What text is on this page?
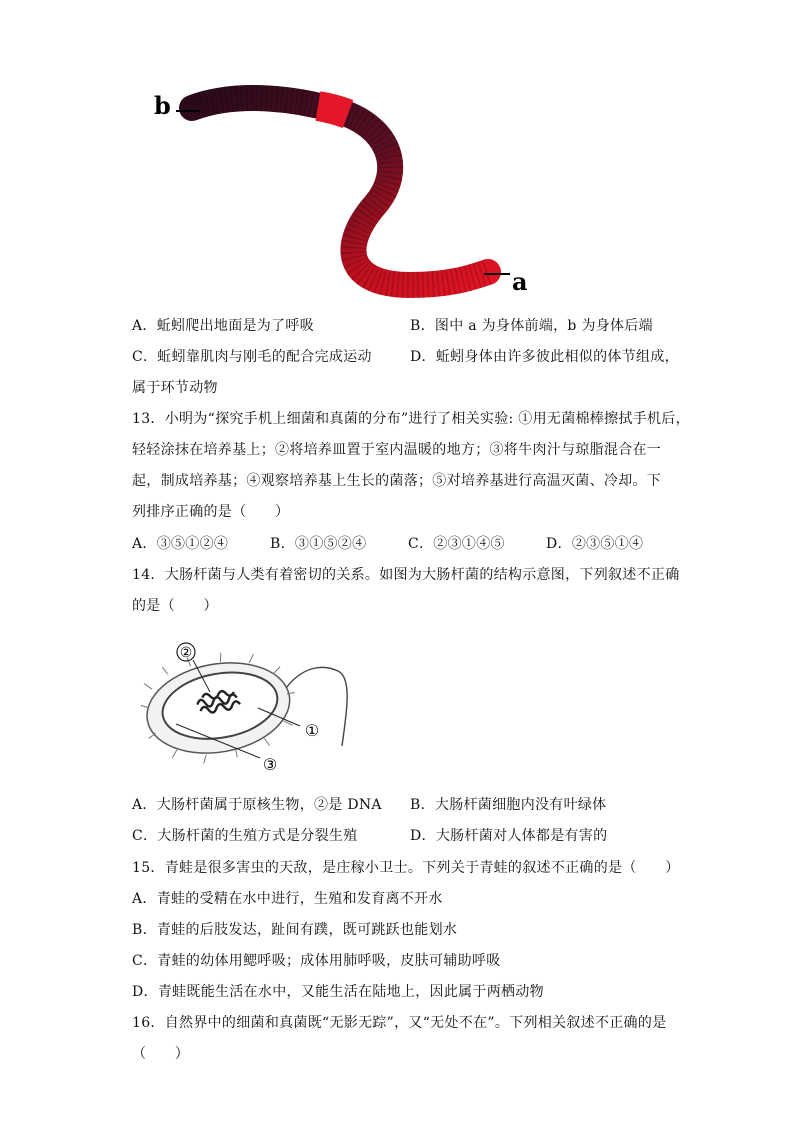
b
a
A．蚯蚓爬出地面是为了呼吸	B．图中 a 为身体前端，b 为身体后端
C．蚯蚓靠肌肉与刚毛的配合完成运动	D．蚯蚓身体由许多彼此相似的体节组成，
属于环节动物
13．小明为“探究手机上细菌和真菌的分布”进行了相关实验: ①用无菌棉棒擦拭手机后，
轻轻涂抹在培养基上；②将培养皿置于室内温暖的地方；③将牛肉汁与琼脂混合在一
起，制成培养基；④观察培养基上生长的菌落；⑤对培养基进行高温灭菌、冷却。下
列排序正确的是（　　）
A．③⑤①②④	B．③①⑤②④	C．②③①④⑤	D．②③⑤①④
14．大肠杆菌与人类有着密切的关系。如图为大肠杆菌的结构示意图，下列叙述不正确
的是（　　）
②
①
③
A．大肠杆菌属于原核生物，②是 DNA B．大肠杆菌细胞内没有叶绿体
C．大肠杆菌的生殖方式是分裂生殖	D．大肠杆菌对人体都是有害的
15．青蛙是很多害虫的天敌，是庄稼小卫士。下列关于青蛙的叙述不正确的是（　　）
A．青蛙的受精在水中进行，生殖和发育离不开水
B．青蛙的后肢发达，趾间有蹼，既可跳跃也能划水
C．青蛙的幼体用鳃呼吸；成体用肺呼吸，皮肤可辅助呼吸
D．青蛙既能生活在水中，又能生活在陆地上，因此属于两栖动物
16．自然界中的细菌和真菌既“无影无踪”，又“无处不在”。下列相关叙述不正确的是
（　　）
